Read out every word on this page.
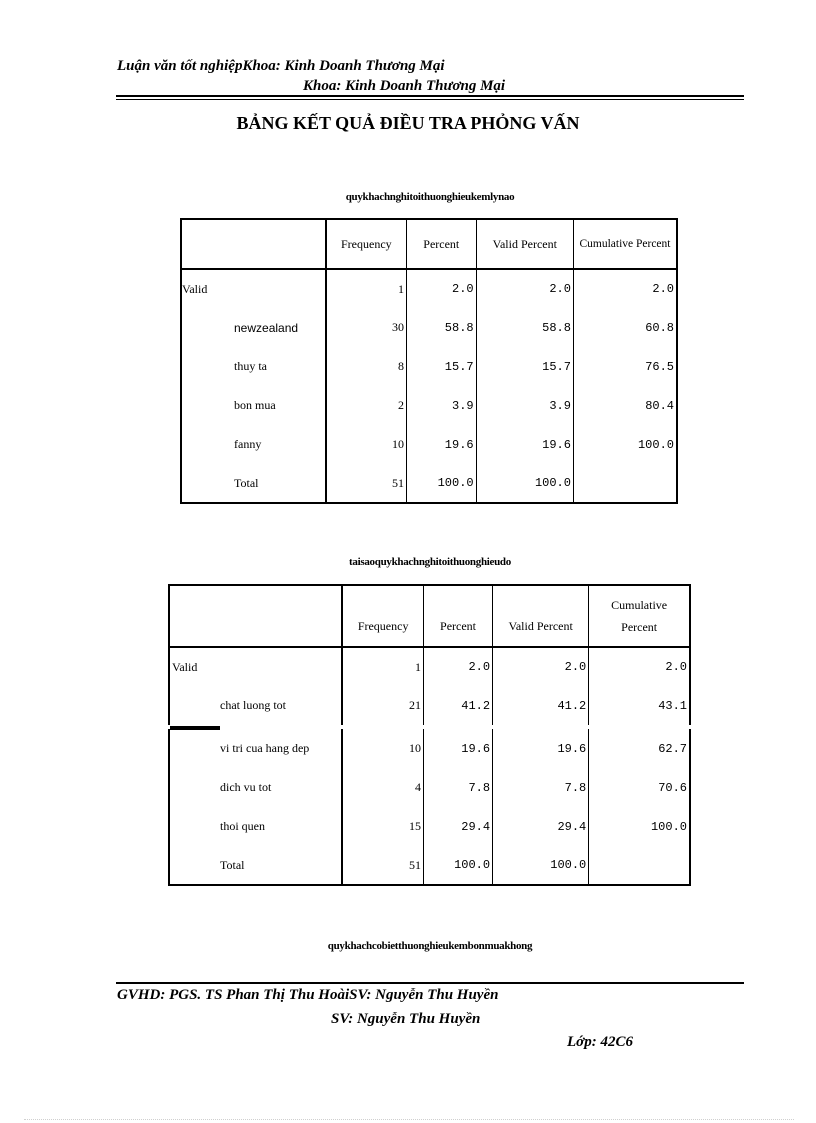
Luận văn tốt nghiệpKhoa: Kinh Doanh Thương Mại
Khoa: Kinh Doanh Thương Mại
BẢNG KẾT QUẢ ĐIỀU TRA PHỎNG VẤN
quykhachnghitoithuonghieukemlynao
	Frequency	Percent	Valid Percent	Cumulative Percent
Valid	1	2.0	2.0	2.0
newzealand	30	58.8	58.8	60.8
thuy ta	8	15.7	15.7	76.5
bon mua	2	3.9	3.9	80.4
fanny	10	19.6	19.6	100.0
Total	51	100.0	100.0	
taisaoquykhachnghitoithuonghieudo
	Frequency	Percent	Valid Percent	Cumulative Percent
Valid	1	2.0	2.0	2.0
chat luong tot	21	41.2	41.2	43.1

vi tri cua hang dep	10	19.6	19.6	62.7
dich vu tot	4	7.8	7.8	70.6
thoi quen	15	29.4	29.4	100.0
Total	51	100.0	100.0	
quykhachcobietthuonghieukembonmuakhong
GVHD: PGS. TS Phan Thị Thu HoàiSV: Nguyễn Thu Huyền
SV: Nguyễn Thu Huyền
Lớp: 42C6
